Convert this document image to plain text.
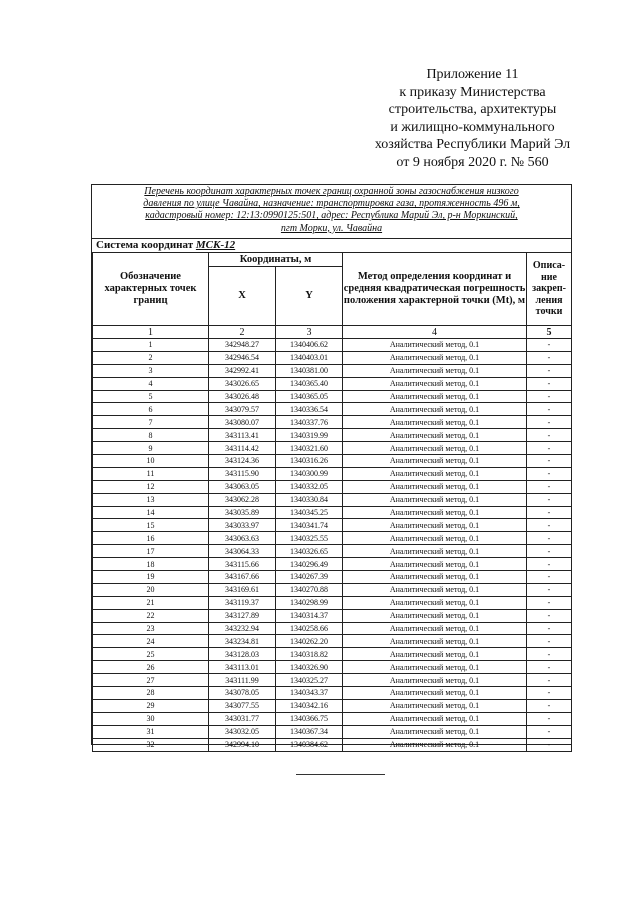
Приложение 11
к приказу Министерства
строительства, архитектуры
и жилищно-коммунального
хозяйства Республики Марий Эл
от 9 ноября 2020 г. № 560
Перечень координат характерных точек границ охранной зоны газоснабжения низкого
давления по улице Чавайна, назначение: транспортировка газа, протяженность 496 м,
кадастровый номер: 12:13:0990125:501, адрес: Республика Марий Эл, р-н Моркинский,
пгт Морки, ул. Чавайна
Система координат МСК-12
Обозначение характерных точек границ	Координаты, м		Метод определения координат и средняя квадратическая погрешность положения характерной точки (Mt), м	Описа-ние закреп-ления точки
	X	Y		
1	2	3	4	5
1	342948.27	1340406.62	Аналитический метод, 0.1	-
2	342946.54	1340403.01	Аналитический метод, 0.1	-
3	342992.41	1340381.00	Аналитический метод, 0.1	-
4	343026.65	1340365.40	Аналитический метод, 0.1	-
5	343026.48	1340365.05	Аналитический метод, 0.1	-
6	343079.57	1340336.54	Аналитический метод, 0.1	-
7	343080.07	1340337.76	Аналитический метод, 0.1	-
8	343113.41	1340319.99	Аналитический метод, 0.1	-
9	343114.42	1340321.60	Аналитический метод, 0.1	-
10	343124.36	1340316.26	Аналитический метод, 0.1	-
11	343115.90	1340300.99	Аналитический метод, 0.1	-
12	343063.05	1340332.05	Аналитический метод, 0.1	-
13	343062.28	1340330.84	Аналитический метод, 0.1	-
14	343035.89	1340345.25	Аналитический метод, 0.1	-
15	343033.97	1340341.74	Аналитический метод, 0.1	-
16	343063.63	1340325.55	Аналитический метод, 0.1	-
17	343064.33	1340326.65	Аналитический метод, 0.1	-
18	343115.66	1340296.49	Аналитический метод, 0.1	-
19	343167.66	1340267.39	Аналитический метод, 0.1	-
20	343169.61	1340270.88	Аналитический метод, 0.1	-
21	343119.37	1340298.99	Аналитический метод, 0.1	-
22	343127.89	1340314.37	Аналитический метод, 0.1	-
23	343232.94	1340258.66	Аналитический метод, 0.1	-
24	343234.81	1340262.20	Аналитический метод, 0.1	-
25	343128.03	1340318.82	Аналитический метод, 0.1	-
26	343113.01	1340326.90	Аналитический метод, 0.1	-
27	343111.99	1340325.27	Аналитический метод, 0.1	-
28	343078.05	1340343.37	Аналитический метод, 0.1	-
29	343077.55	1340342.16	Аналитический метод, 0.1	-
30	343031.77	1340366.75	Аналитический метод, 0.1	-
31	343032.05	1340367.34	Аналитический метод, 0.1	-
32	342994.10	1340384.62	Аналитический метод, 0.1	-
